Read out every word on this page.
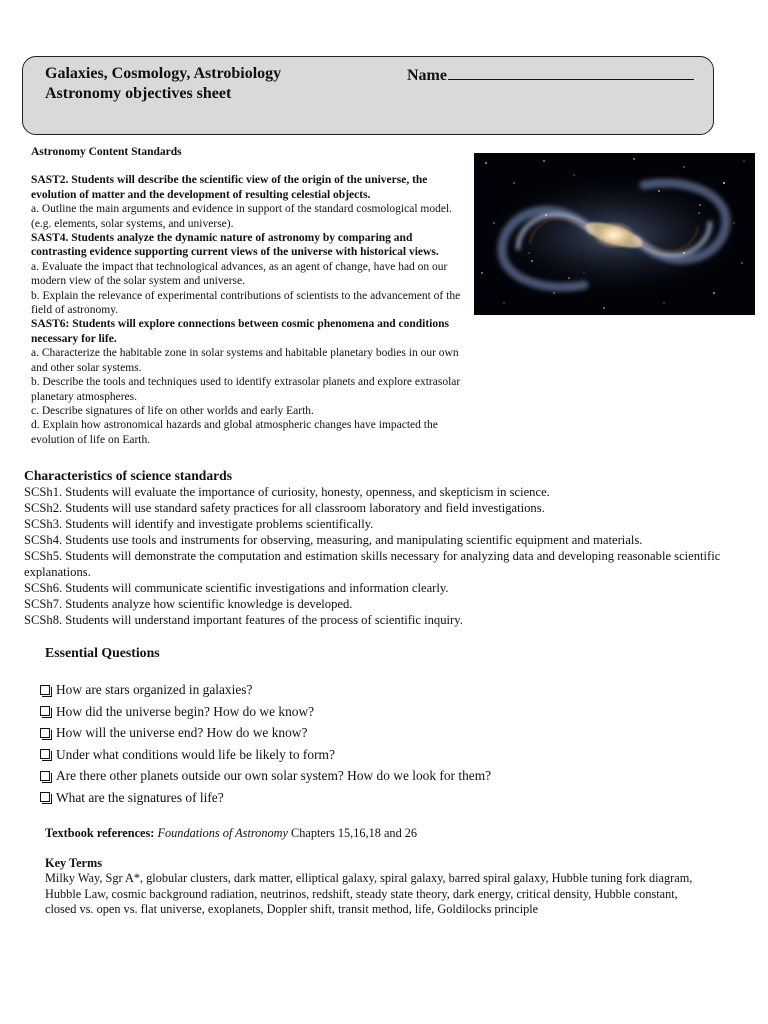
Galaxies, Cosmology, Astrobiology
Astronomy objectives sheet
Name
Astronomy Content Standards
SAST2. Students will describe the scientific view of the origin of the universe, the evolution of matter and the development of resulting celestial objects.
a. Outline the main arguments and evidence in support of the standard cosmological model. (e.g. elements, solar systems, and universe).
SAST4. Students analyze the dynamic nature of astronomy by comparing and contrasting evidence supporting current views of the universe with historical views.
a. Evaluate the impact that technological advances, as an agent of change, have had on our modern view of the solar system and universe.
b. Explain the relevance of experimental contributions of scientists to the advancement of the field of astronomy.
SAST6: Students will explore connections between cosmic phenomena and conditions necessary for life.
a. Characterize the habitable zone in solar systems and habitable planetary bodies in our own and other solar systems.
b. Describe the tools and techniques used to identify extrasolar planets and explore extrasolar planetary atmospheres.
c. Describe signatures of life on other worlds and early Earth.
d. Explain how astronomical hazards and global atmospheric changes have impacted the evolution of life on Earth.
Characteristics of science standards
SCSh1. Students will evaluate the importance of curiosity, honesty, openness, and skepticism in science.
SCSh2. Students will use standard safety practices for all classroom laboratory and field investigations.
SCSh3. Students will identify and investigate problems scientifically.
SCSh4. Students use tools and instruments for observing, measuring, and manipulating scientific equipment and materials.
SCSh5. Students will demonstrate the computation and estimation skills necessary for analyzing data and developing reasonable scientific explanations.
SCSh6. Students will communicate scientific investigations and information clearly.
SCSh7. Students analyze how scientific knowledge is developed.
SCSh8. Students will understand important features of the process of scientific inquiry.
Essential Questions
How are stars organized in galaxies?
How did the universe begin? How do we know?
How will the universe end? How do we know?
Under what conditions would life be likely to form?
Are there other planets outside our own solar system? How do we look for them?
What are the signatures of life?
Textbook references: Foundations of Astronomy Chapters 15,16,18 and 26
Key Terms
Milky Way, Sgr A*, globular clusters, dark matter, elliptical galaxy, spiral galaxy, barred spiral galaxy, Hubble tuning fork diagram, Hubble Law, cosmic background radiation, neutrinos, redshift, steady state theory, dark energy, critical density, Hubble constant, closed vs. open vs. flat universe, exoplanets, Doppler shift, transit method, life, Goldilocks principle
